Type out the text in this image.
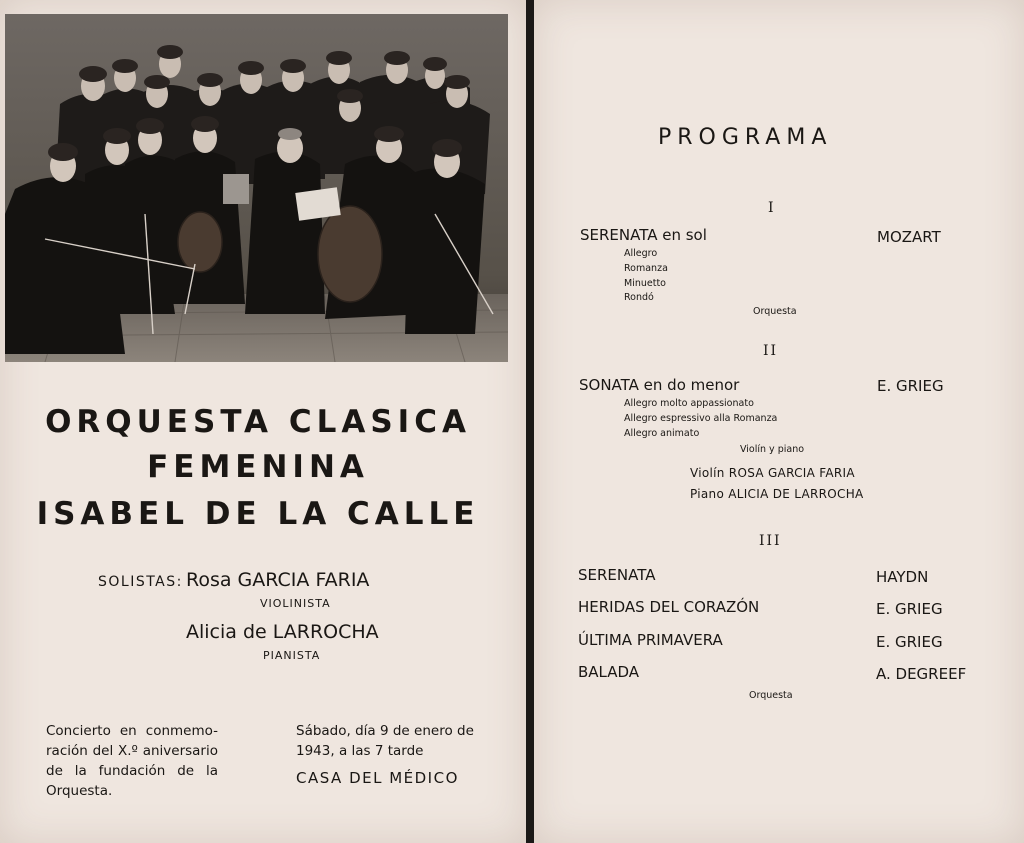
ORQUESTA CLASICA
FEMENINA
ISABEL DE LA CALLE
SOLISTAS: Rosa GARCIA FARIA
VIOLINISTA
Alicia de LARROCHA
PIANISTA
Concierto en conmemo- ración del X.º aniversario de la fundación de la Orquesta.
Sábado, día 9 de enero de 1943, a las 7 tarde
CASA DEL MÉDICO
PROGRAMA
I
SERENATA en sol	MOZART
Allegro
Romanza
Minuetto
Rondó
Orquesta
II
SONATA en do menor	E. GRIEG
Allegro molto appassionato
Allegro espressivo alla Romanza
Allegro animato
Violín y piano
Violín ROSA GARCIA FARIA
Piano ALICIA DE LARROCHA
III
SERENATA	HAYDN
HERIDAS DEL CORAZÓN	E. GRIEG
ÚLTIMA PRIMAVERA	E. GRIEG
BALADA	A. DEGREEF
Orquesta
